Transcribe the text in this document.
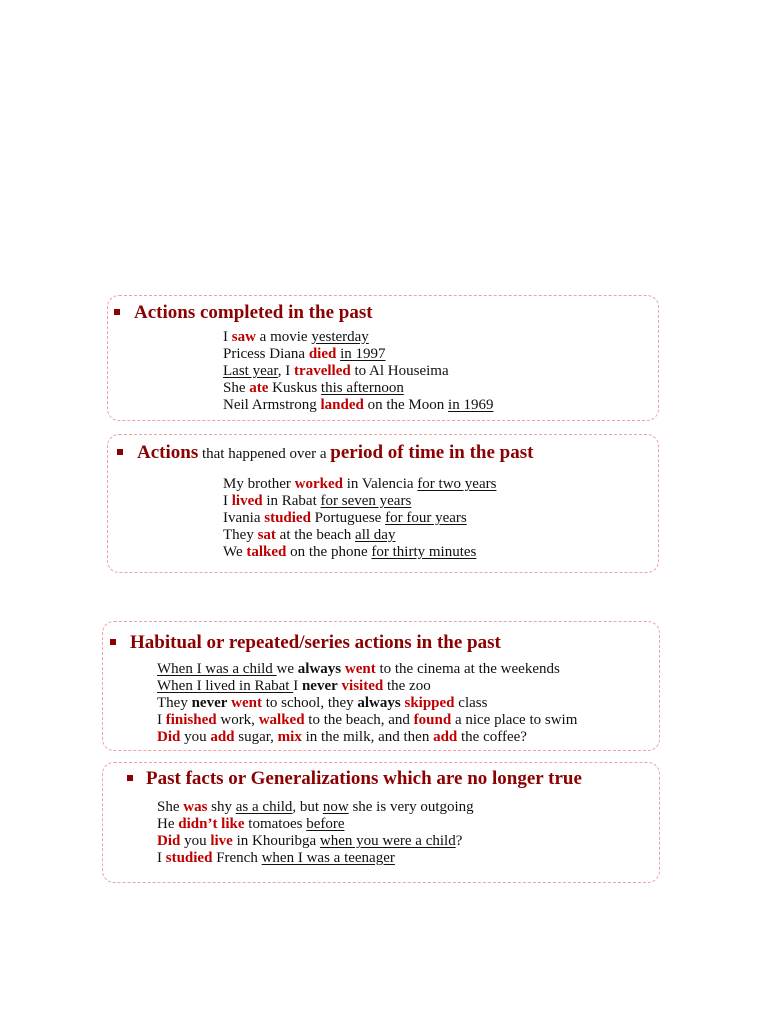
Actions completed in the past
I saw a movie yesterday
Pricess Diana died in 1997
Last year, I travelled to Al Houseima
She ate Kuskus this afternoon
Neil Armstrong landed on the Moon in 1969
Actions that happened over a period of time in the past
My brother worked in Valencia for two years
I lived in Rabat for seven years
Ivania studied Portuguese for four years
They sat at the beach all day
We talked on the phone for thirty minutes
Habitual or repeated/series actions in the past
When I was a child we always went to the cinema at the weekends
When I lived in Rabat I never visited the zoo
They never went to school, they always skipped class
I finished work, walked to the beach, and found a nice place to swim
Did you add sugar, mix in the milk, and then add the coffee?
Past facts or Generalizations which are no longer true
She was shy as a child, but now she is very outgoing
He didn’t like tomatoes before
Did you live in Khouribga when you were a child?
I studied French when I was a teenager
